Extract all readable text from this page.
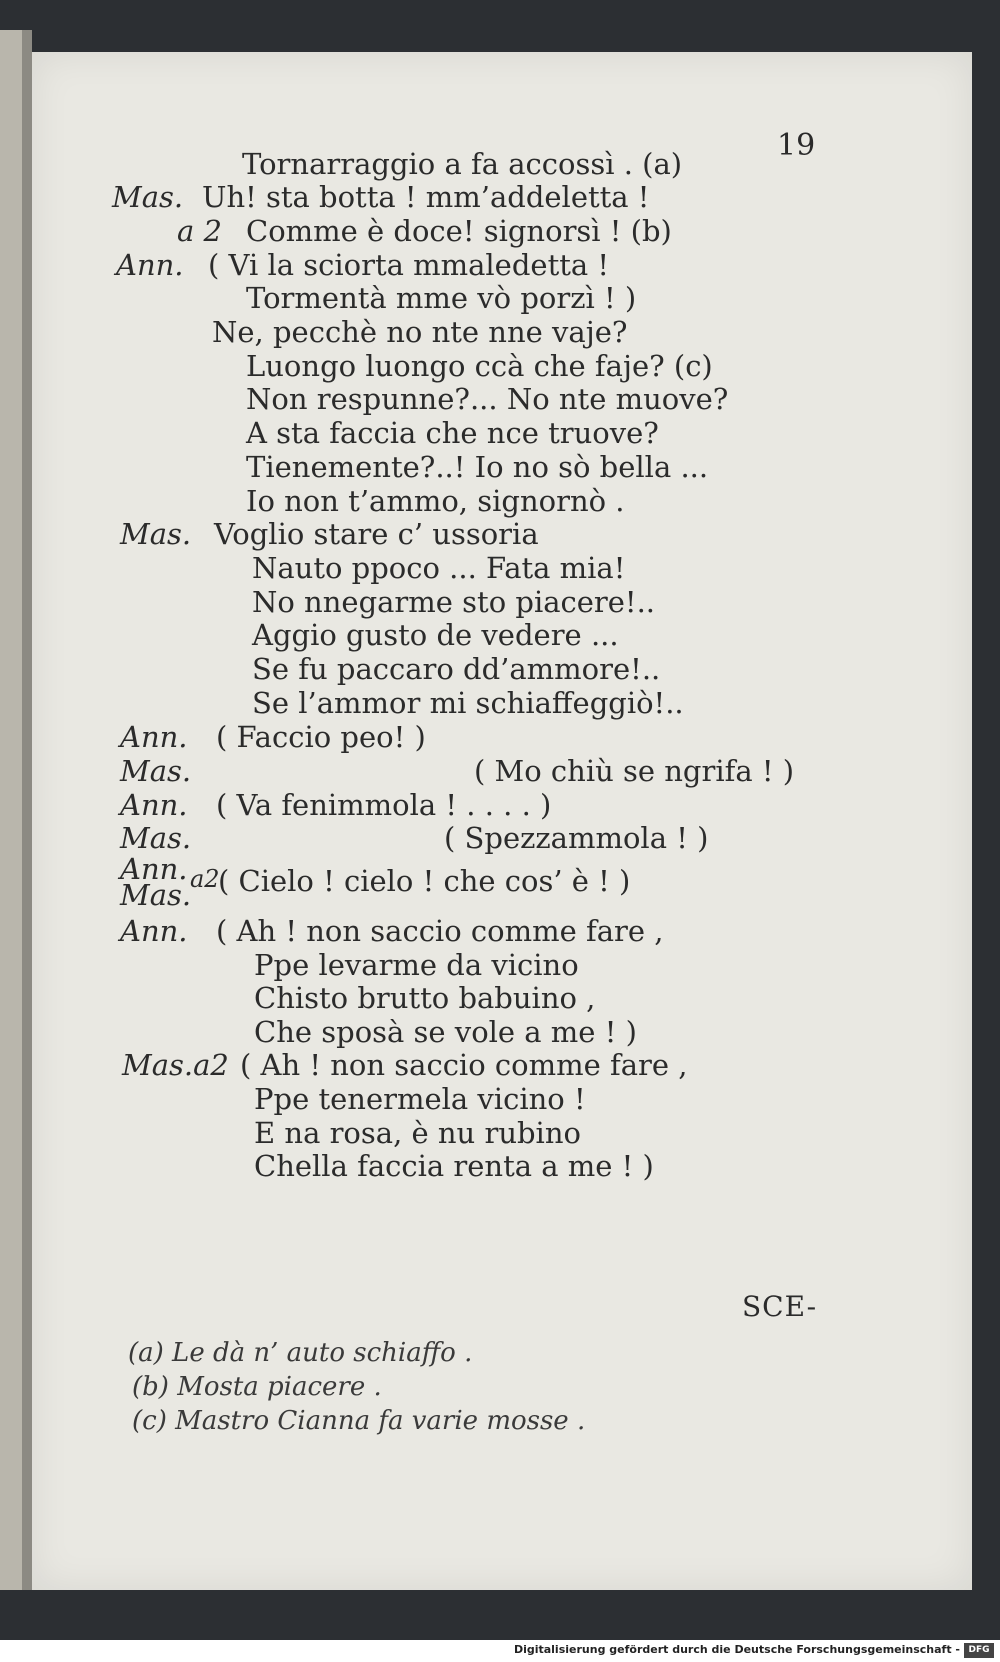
19
Tornarraggio a fa accossì . (a)
Mas. Uh! sta botta ! mm’addeletta !
a 2 Comme è doce! signorsì ! (b)
Ann. ( Vi la sciorta mmaledetta !
Tormentà mme vò porzì ! )
Ne, pecchè no nte nne vaje?
Luongo luongo ccà che faje? (c)
Non respunne?... No nte muove?
A sta faccia che nce truove?
Tienemente?..! Io no sò bella ...
Io non t’ammo, signornò .
Mas. Voglio stare c’ ussoria
Nauto ppoco ... Fata mia!
No nnegarme sto piacere!..
Aggio gusto de vedere ...
Se fu paccaro dd’ammore!..
Se l’ammor mi schiaffeggiò!..
Ann. ( Faccio peo! )
Mas.	( Mo chiù se ngrifa ! )
Ann. ( Va fenimmola ! . . . . )
Mas.	( Spezzammola ! )
Ann.
Mas.
a2
( Cielo ! cielo ! che cos’ è ! )
Ann. ( Ah ! non saccio comme fare ,
Ppe levarme da vicino
Chisto brutto babuino ,
Che sposà se vole a me ! )
Mas.a2 ( Ah ! non saccio comme fare ,
Ppe tenermela vicino !
E na rosa, è nu rubino
Chella faccia renta a me ! )
SCE-
(a) Le dà n’ auto schiaffo .
(b) Mosta piacere .
(c) Mastro Cianna fa varie mosse .
Digitalisierung gefördert durch die Deutsche Forschungsgemeinschaft - DFG
